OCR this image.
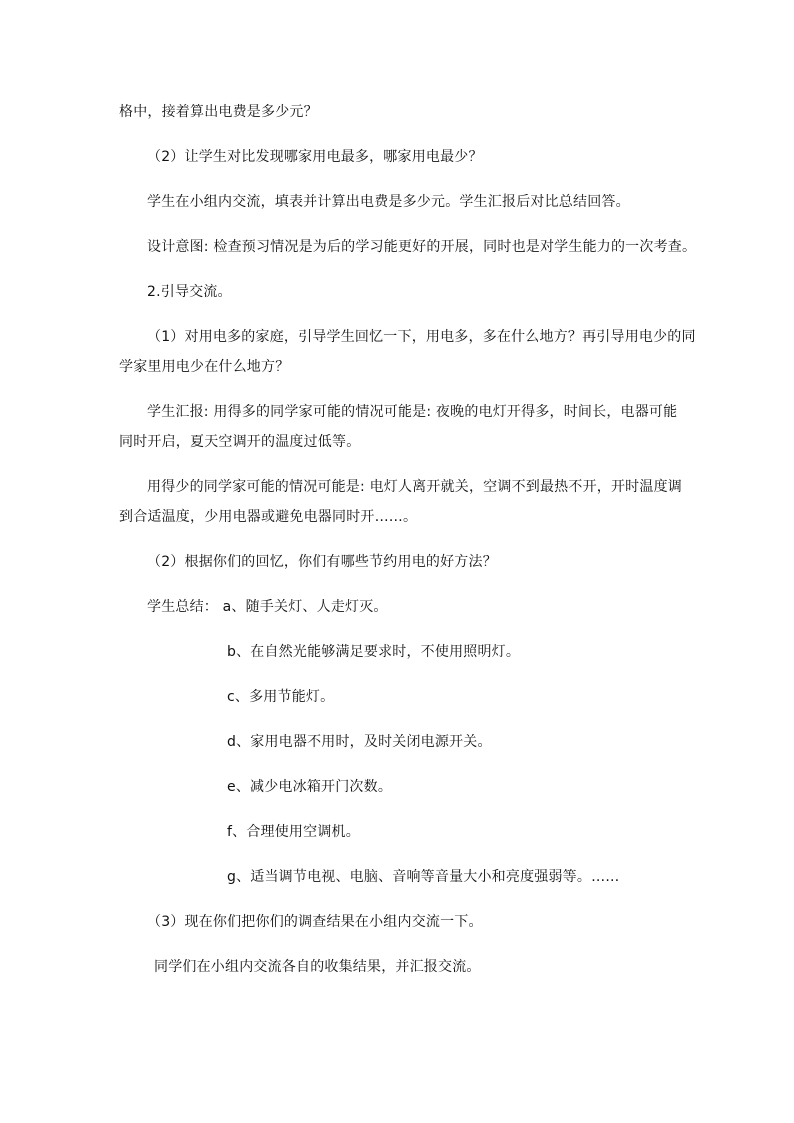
格中，接着算出电费是多少元？
（2）让学生对比发现哪家用电最多，哪家用电最少？
学生在小组内交流，填表并计算出电费是多少元。学生汇报后对比总结回答。
设计意图: 检查预习情况是为后的学习能更好的开展，同时也是对学生能力的一次考查。
2.引导交流。
（1）对用电多的家庭，引导学生回忆一下，用电多，多在什么地方？再引导用电少的同
学家里用电少在什么地方？
学生汇报: 用得多的同学家可能的情况可能是: 夜晚的电灯开得多，时间长，电器可能
同时开启，夏天空调开的温度过低等。
用得少的同学家可能的情况可能是: 电灯人离开就关，空调不到最热不开，开时温度调
到合适温度，少用电器或避免电器同时开……。
（2）根据你们的回忆，你们有哪些节约用电的好方法？
学生总结： a、随手关灯、人走灯灭。
b、在自然光能够满足要求时，不使用照明灯。
c、多用节能灯。
d、家用电器不用时，及时关闭电源开关。
e、减少电冰箱开门次数。
f、合理使用空调机。
g、适当调节电视、电脑、音响等音量大小和亮度强弱等。……
（3）现在你们把你们的调查结果在小组内交流一下。
同学们在小组内交流各自的收集结果，并汇报交流。
